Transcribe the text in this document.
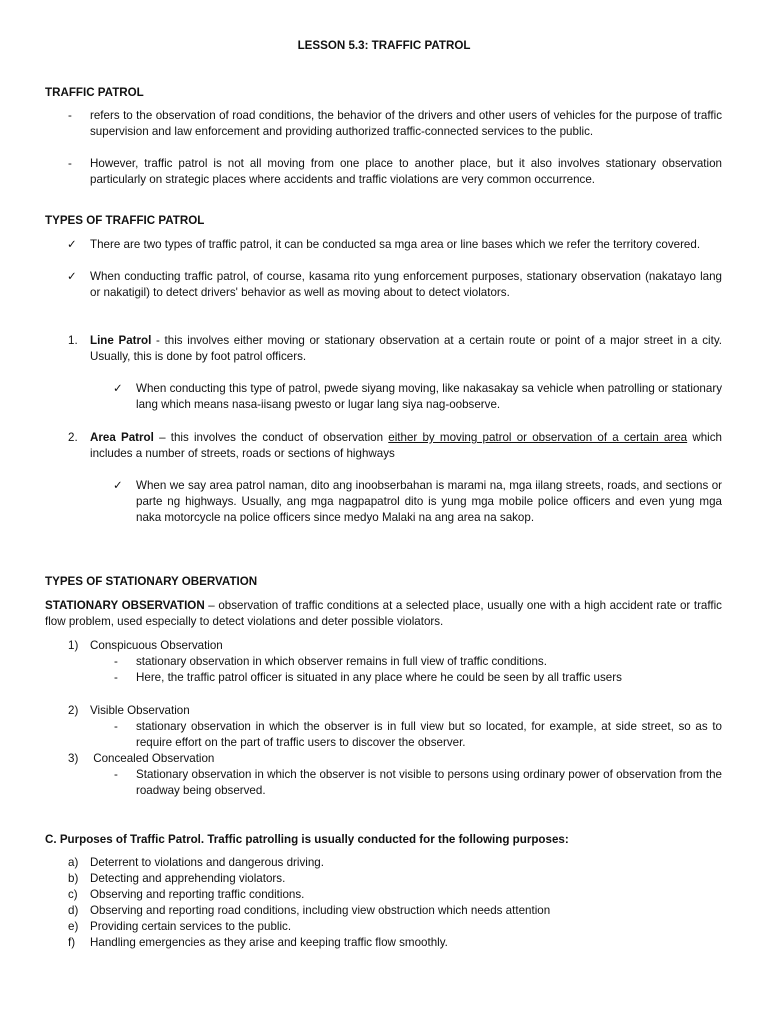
LESSON 5.3: TRAFFIC PATROL
TRAFFIC PATROL
- refers to the observation of road conditions, the behavior of the drivers and other users of vehicles for the purpose of traffic supervision and law enforcement and providing authorized traffic-connected services to the public.
- However, traffic patrol is not all moving from one place to another place, but it also involves stationary observation particularly on strategic places where accidents and traffic violations are very common occurrence.
TYPES OF TRAFFIC PATROL
✓ There are two types of traffic patrol, it can be conducted sa mga area or line bases which we refer the territory covered.
✓ When conducting traffic patrol, of course, kasama rito yung enforcement purposes, stationary observation (nakatayo lang or nakatigil) to detect drivers' behavior as well as moving about to detect violators.
1. Line Patrol - this involves either moving or stationary observation at a certain route or point of a major street in a city. Usually, this is done by foot patrol officers.
✓ When conducting this type of patrol, pwede siyang moving, like nakasakay sa vehicle when patrolling or stationary lang which means nasa-iisang pwesto or lugar lang siya nag-oobserve.
2. Area Patrol – this involves the conduct of observation either by moving patrol or observation of a certain area which includes a number of streets, roads or sections of highways
✓ When we say area patrol naman, dito ang inoobserbahan is marami na, mga iilang streets, roads, and sections or parte ng highways. Usually, ang mga nagpapatrol dito is yung mga mobile police officers and even yung mga naka motorcycle na police officers since medyo Malaki na ang area na sakop.
TYPES OF STATIONARY OBERVATION
STATIONARY OBSERVATION – observation of traffic conditions at a selected place, usually one with a high accident rate or traffic flow problem, used especially to detect violations and deter possible violators.
1) Conspicuous Observation
- stationary observation in which observer remains in full view of traffic conditions.
- Here, the traffic patrol officer is situated in any place where he could be seen by all traffic users
2) Visible Observation
- stationary observation in which the observer is in full view but so located, for example, at side street, so as to require effort on the part of traffic users to discover the observer.
3) Concealed Observation
- Stationary observation in which the observer is not visible to persons using ordinary power of observation from the roadway being observed.
C. Purposes of Traffic Patrol. Traffic patrolling is usually conducted for the following purposes:
a) Deterrent to violations and dangerous driving.
b) Detecting and apprehending violators.
c) Observing and reporting traffic conditions.
d) Observing and reporting road conditions, including view obstruction which needs attention
e) Providing certain services to the public.
f) Handling emergencies as they arise and keeping traffic flow smoothly.
